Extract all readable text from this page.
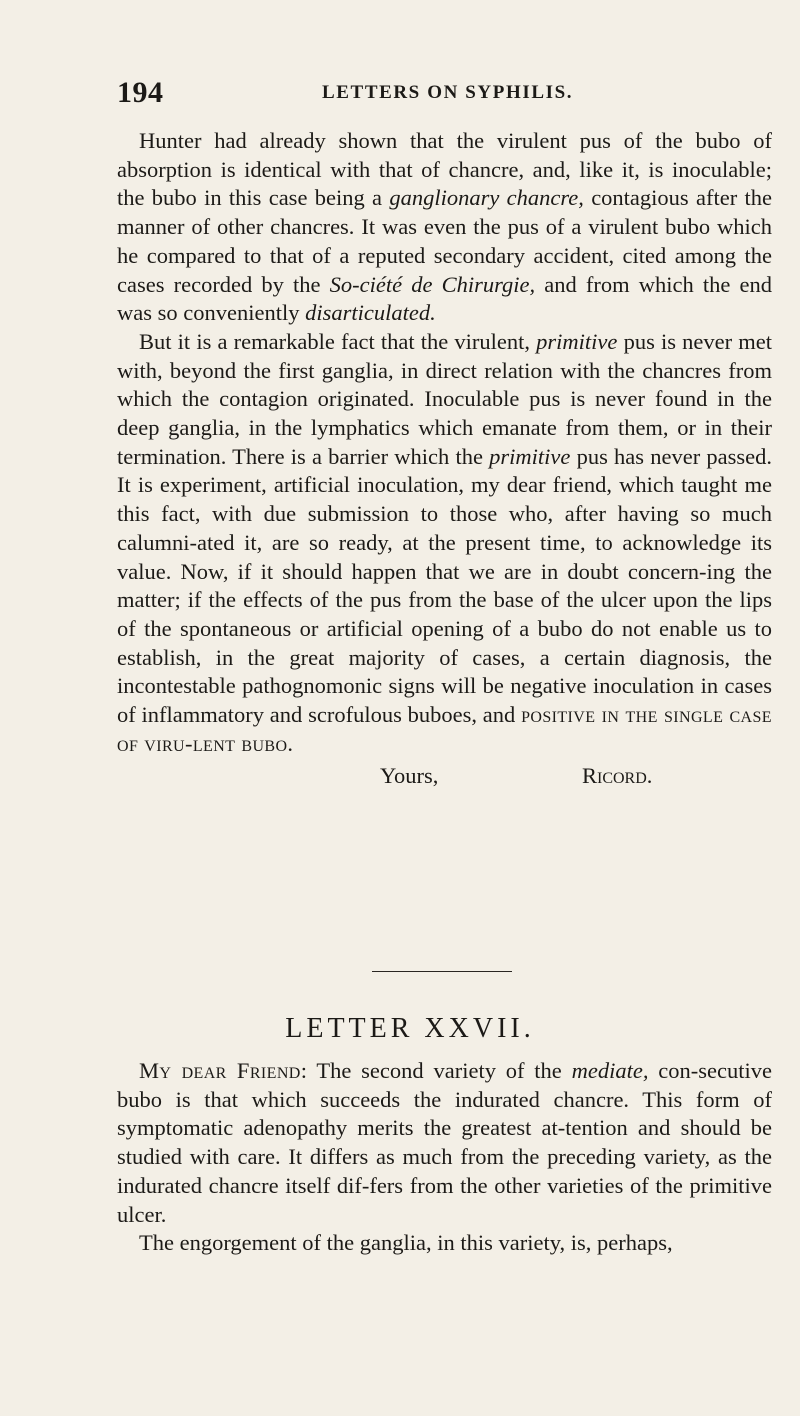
194	LETTERS ON SYPHILIS.

Hunter had already shown that the virulent pus of the bubo of absorption is identical with that of chancre, and, like it, is inoculable; the bubo in this case being a ganglionary chancre, contagious after the manner of other chancres. It was even the pus of a virulent bubo which he compared to that of a reputed secondary accident, cited among the cases recorded by the So-ciété de Chirurgie, and from which the end was so conveniently disarticulated.

But it is a remarkable fact that the virulent, primitive pus is never met with, beyond the first ganglia, in direct relation with the chancres from which the contagion originated. Inoculable pus is never found in the deep ganglia, in the lymphatics which emanate from them, or in their termination. There is a barrier which the primitive pus has never passed. It is experiment, artificial inoculation, my dear friend, which taught me this fact, with due submission to those who, after having so much calumni-ated it, are so ready, at the present time, to acknowledge its value. Now, if it should happen that we are in doubt concern-ing the matter; if the effects of the pus from the base of the ulcer upon the lips of the spontaneous or artificial opening of a bubo do not enable us to establish, in the great majority of cases, a certain diagnosis, the incontestable pathognomonic signs will be negative inoculation in cases of inflammatory and scrofulous buboes, and positive in the single case of viru-lent bubo.

Yours,	Ricord.
LETTER XXVII.

My dear Friend: The second variety of the mediate, con-secutive bubo is that which succeeds the indurated chancre. This form of symptomatic adenopathy merits the greatest at-tention and should be studied with care. It differs as much from the preceding variety, as the indurated chancre itself dif-fers from the other varieties of the primitive ulcer.

The engorgement of the ganglia, in this variety, is, perhaps,
